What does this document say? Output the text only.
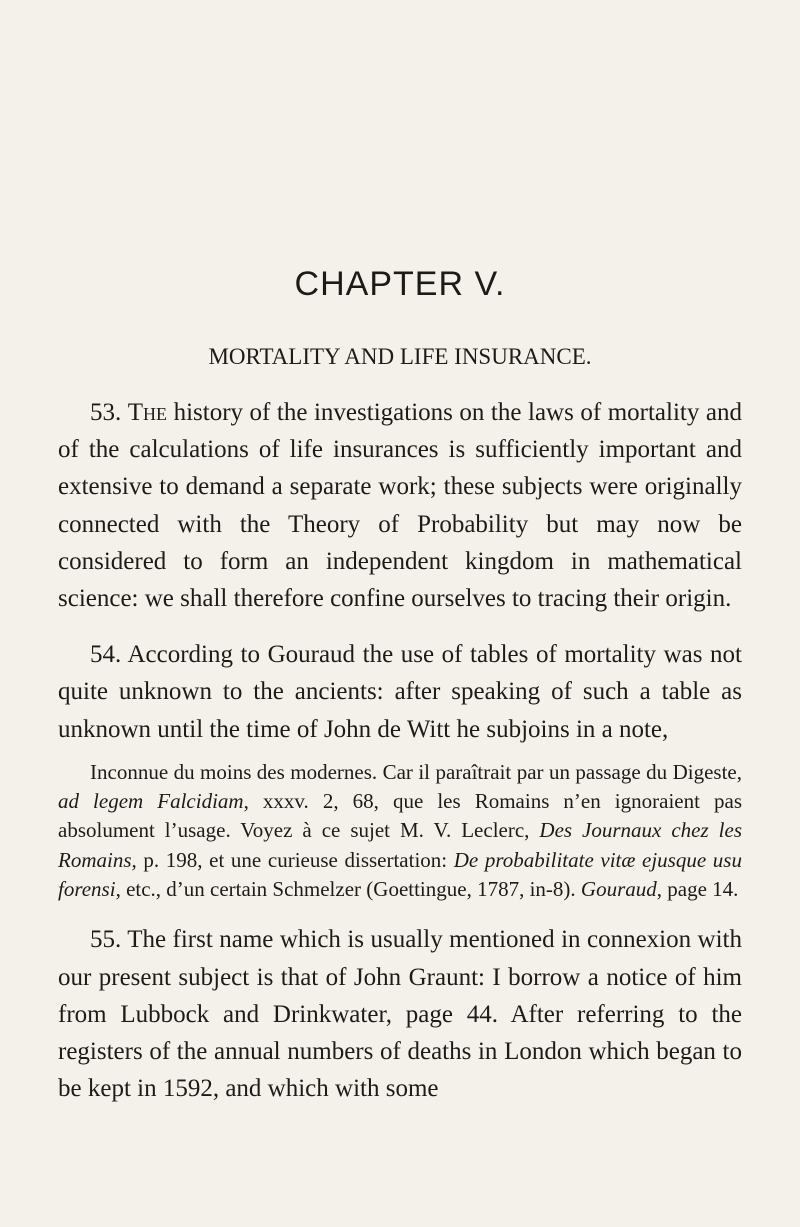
CHAPTER V.
MORTALITY AND LIFE INSURANCE.

53. The history of the investigations on the laws of mortality and of the calculations of life insurances is sufficiently important and extensive to demand a separate work; these subjects were originally connected with the Theory of Probability but may now be considered to form an independent kingdom in mathematical science: we shall therefore confine ourselves to tracing their origin.

54. According to Gouraud the use of tables of mortality was not quite unknown to the ancients: after speaking of such a table as unknown until the time of John de Witt he subjoins in a note,

Inconnue du moins des modernes. Car il paraîtrait par un passage du Digeste, ad legem Falcidiam, xxxv. 2, 68, que les Romains n’en ignoraient pas absolument l’usage. Voyez à ce sujet M. V. Leclerc, Des Journaux chez les Romains, p. 198, et une curieuse dissertation: De probabilitate vitæ ejusque usu forensi, etc., d’un certain Schmelzer (Goettingue, 1787, in-8). Gouraud, page 14.

55. The first name which is usually mentioned in connexion with our present subject is that of John Graunt: I borrow a notice of him from Lubbock and Drinkwater, page 44. After referring to the registers of the annual numbers of deaths in London which began to be kept in 1592, and which with some
